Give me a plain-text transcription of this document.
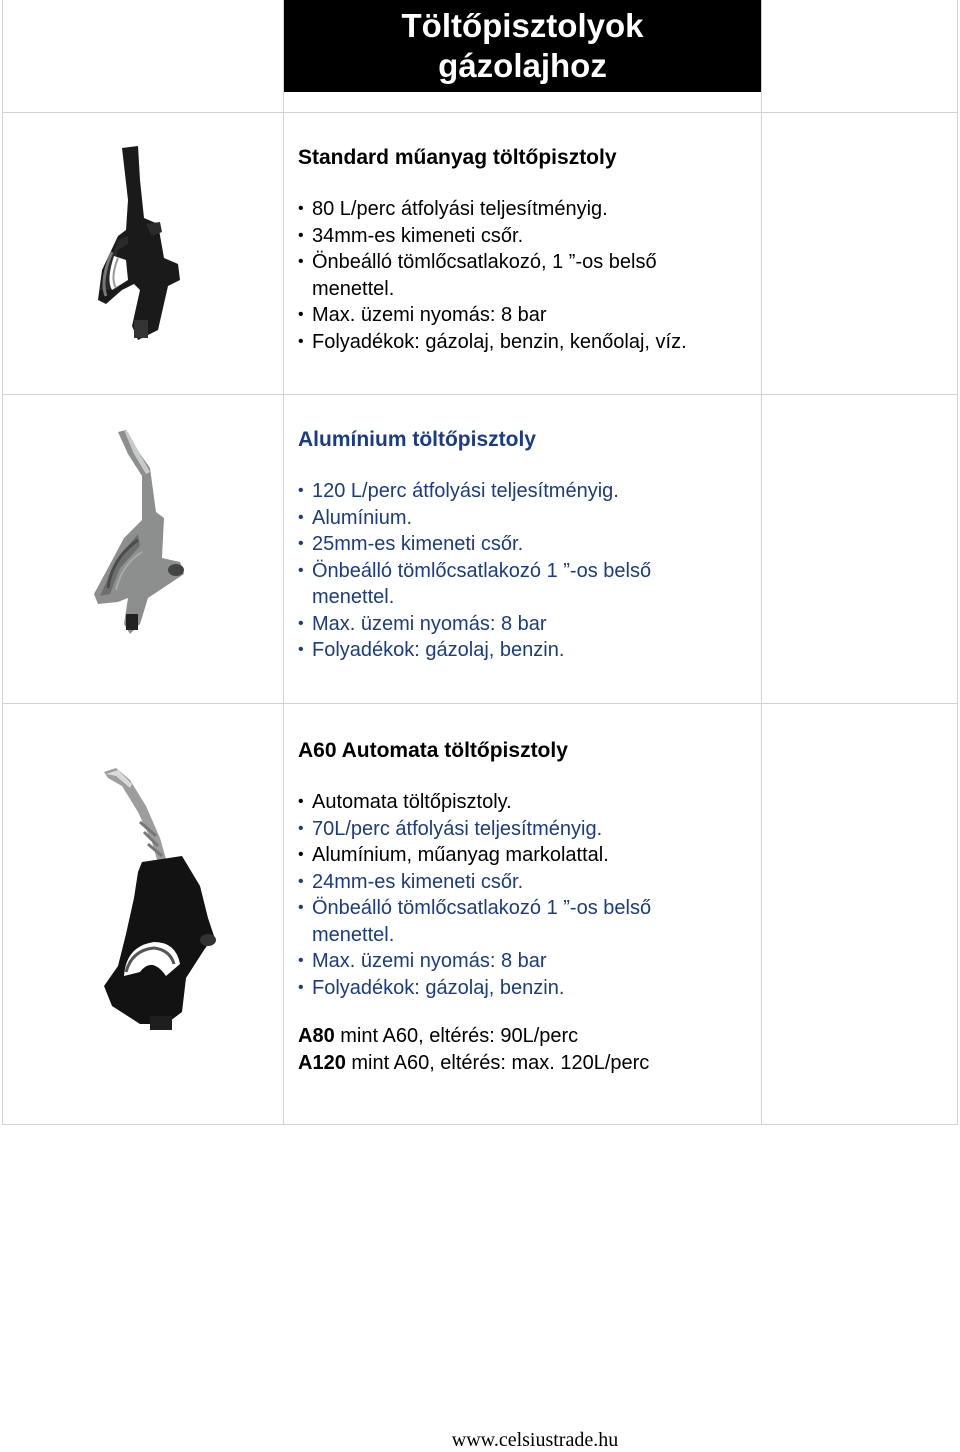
Töltőpisztolyok
gázolajhoz
Standard műanyag töltőpisztoly
• 80 L/perc átfolyási teljesítményig.
• 34mm-es kimeneti csőr.
• Önbeálló tömlőcsatlakozó, 1 ”-os belső
menettel.
• Max. üzemi nyomás: 8 bar
• Folyadékok: gázolaj, benzin, kenőolaj, víz.
Alumínium töltőpisztoly
• 120 L/perc átfolyási teljesítményig.
• Alumínium.
• 25mm-es kimeneti csőr.
• Önbeálló tömlőcsatlakozó 1 ”-os belső
menettel.
• Max. üzemi nyomás: 8 bar
• Folyadékok: gázolaj, benzin.
A60 Automata töltőpisztoly
• Automata töltőpisztoly.
• 70L/perc átfolyási teljesítményig.
• Alumínium, műanyag markolattal.
• 24mm-es kimeneti csőr.
• Önbeálló tömlőcsatlakozó 1 ”-os belső
menettel.
• Max. üzemi nyomás: 8 bar
• Folyadékok: gázolaj, benzin.
A80 mint A60, eltérés: 90L/perc
A120 mint A60, eltérés: max. 120L/perc
www.celsiustrade.hu
